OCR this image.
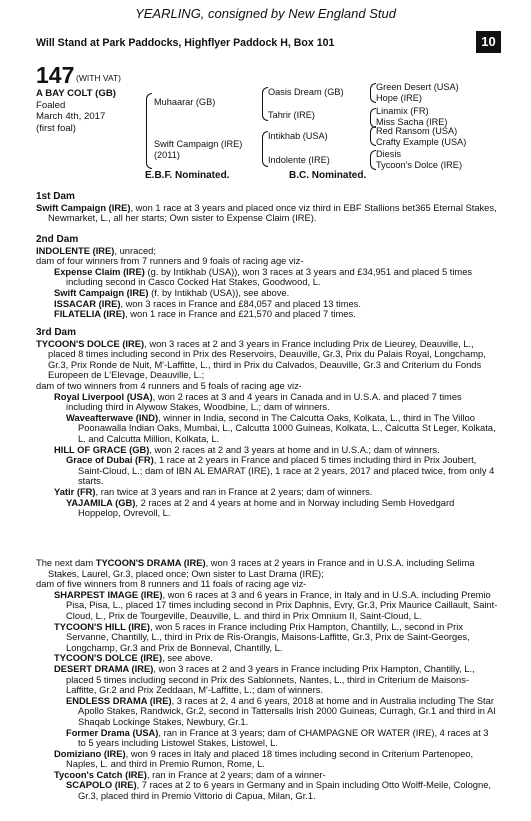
YEARLING, consigned by New England Stud
Will Stand at Park Paddocks, Highflyer Paddock H, Box 101	10
147 (WITH VAT)
A BAY COLT (GB)
Foaled
March 4th, 2017
(first foal)
Muhaarar (GB)
Swift Campaign (IRE)
(2011)
Oasis Dream (GB)
Tahrir (IRE)
Intikhab (USA)
Indolente (IRE)
Green Desert (USA)
Hope (IRE)
Linamix (FR)
Miss Sacha (IRE)
Red Ransom (USA)
Crafty Example (USA)
Diesis
Tycoon's Dolce (IRE)
E.B.F. Nominated.	B.C. Nominated.

1st Dam

Swift Campaign (IRE), won 1 race at 3 years and placed once viz third in EBF Stallions bet365 Eternal Stakes, Newmarket, L., all her starts; Own sister to Expense Claim (IRE).

2nd Dam

INDOLENTE (IRE), unraced;

dam of four winners from 7 runners and 9 foals of racing age viz-

Expense Claim (IRE) (g. by Intikhab (USA)), won 3 races at 3 years and £34,951 and placed 5 times including second in Casco Cocked Hat Stakes, Goodwood, L.

Swift Campaign (IRE) (f. by Intikhab (USA)), see above.

ISSACAR (IRE), won 3 races in France and £84,057 and placed 13 times.

FILATELIA (IRE), won 1 race in France and £21,570 and placed 7 times.

3rd Dam

TYCOON'S DOLCE (IRE), won 3 races at 2 and 3 years in France including Prix de Lieurey, Deauville, L., placed 8 times including second in Prix des Reservoirs, Deauville, Gr.3, Prix du Palais Royal, Longchamp, Gr.3, Prix Ronde de Nuit, M'-Laffitte, L., third in Prix du Calvados, Deauville, Gr.3 and Criterium du Fonds Europeen de L'Elevage, Deauville, L.;

dam of two winners from 4 runners and 5 foals of racing age viz-

Royal Liverpool (USA), won 2 races at 3 and 4 years in Canada and in U.S.A. and placed 7 times including third in Alywow Stakes, Woodbine, L.; dam of winners.

Waveafterwave (IND), winner in India, second in The Calcutta Oaks, Kolkata, L., third in The Villoo Poonawalla Indian Oaks, Mumbai, L., Calcutta 1000 Guineas, Kolkata, L., Calcutta St Leger, Kolkata, L. and Calcutta Million, Kolkata, L.

HILL OF GRACE (GB), won 2 races at 2 and 3 years at home and in U.S.A.; dam of winners.

Grace of Dubai (FR), 1 race at 2 years in France and placed 5 times including third in Prix Joubert, Saint-Cloud, L.; dam of IBN AL EMARAT (IRE), 1 race at 2 years, 2017 and placed twice, from only 4 starts.

Yatir (FR), ran twice at 3 years and ran in France at 2 years; dam of winners.

YAJAMILA (GB), 2 races at 2 and 4 years at home and in Norway including Semb Hovedgard Hoppelop, Ovrevoll, L.

The next dam TYCOON'S DRAMA (IRE), won 3 races at 2 years in France and in U.S.A. including Selima Stakes, Laurel, Gr.3, placed once; Own sister to Last Drama (IRE);

dam of five winners from 8 runners and 11 foals of racing age viz-

SHARPEST IMAGE (IRE), won 6 races at 3 and 6 years in France, in Italy and in U.S.A. including Premio Pisa, Pisa, L., placed 17 times including second in Prix Daphnis, Evry, Gr.3, Prix Maurice Caillault, Saint-Cloud, L., Prix de Tourgeville, Deauville, L. and third in Prix Omnium II, Saint-Cloud, L.

TYCOON'S HILL (IRE), won 5 races in France including Prix Hampton, Chantilly, L., second in Prix Servanne, Chantilly, L., third in Prix de Ris-Orangis, Maisons-Laffitte, Gr.3, Prix de Saint-Georges, Longchamp, Gr.3 and Prix de Bonneval, Chantilly, L.

TYCOON'S DOLCE (IRE), see above.

DESERT DRAMA (IRE), won 3 races at 2 and 3 years in France including Prix Hampton, Chantilly, L., placed 5 times including second in Prix des Sablonnets, Nantes, L., third in Criterium de Maisons-Laffitte, Gr.2 and Prix Zeddaan, M'-Laffitte, L.; dam of winners.

ENDLESS DRAMA (IRE), 3 races at 2, 4 and 6 years, 2018 at home and in Australia including The Star Apollo Stakes, Randwick, Gr.2, second in Tattersalls Irish 2000 Guineas, Curragh, Gr.1 and third in Al Shaqab Lockinge Stakes, Newbury, Gr.1.

Former Drama (USA), ran in France at 3 years; dam of CHAMPAGNE OR WATER (IRE), 4 races at 3 to 5 years including Listowel Stakes, Listowel, L.

Domiziano (IRE), won 9 races in Italy and placed 18 times including second in Criterium Partenopeo, Naples, L. and third in Premio Rumon, Rome, L.

Tycoon's Catch (IRE), ran in France at 2 years; dam of a winner-

SCAPOLO (IRE), 7 races at 2 to 6 years in Germany and in Spain including Otto Wolff-Meile, Cologne, Gr.3, placed third in Premio Vittorio di Capua, Milan, Gr.1.
